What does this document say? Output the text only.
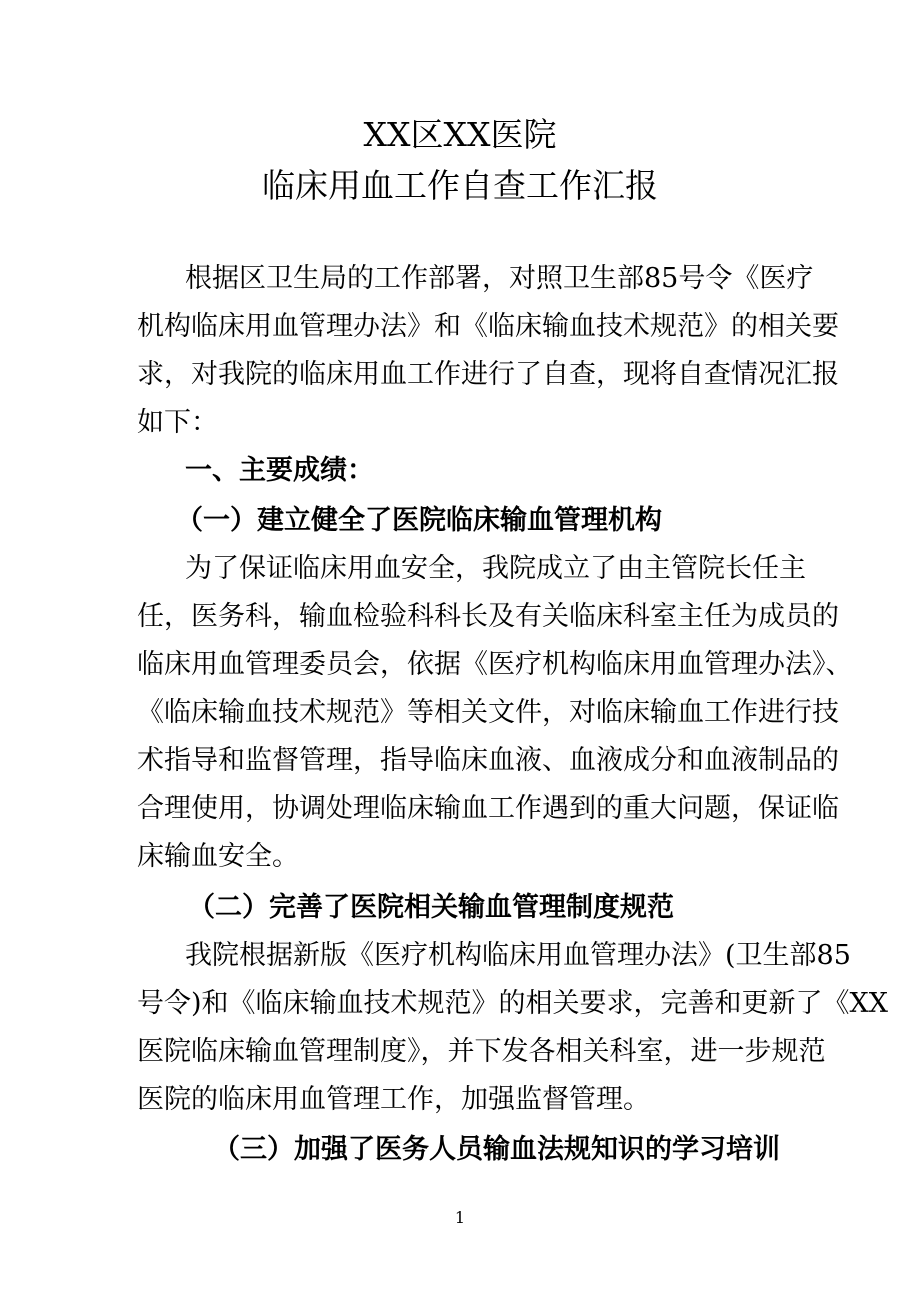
XX区XX医院
临床用血工作自查工作汇报
根据区卫生局的工作部署，对照卫生部85号令《医疗
机构临床用血管理办法》和《临床输血技术规范》的相关要
求，对我院的临床用血工作进行了自查，现将自查情况汇报
如下：
一、主要成绩：
（一）建立健全了医院临床输血管理机构
为了保证临床用血安全，我院成立了由主管院长任主
任，医务科，输血检验科科长及有关临床科室主任为成员的
临床用血管理委员会，依据《医疗机构临床用血管理办法》、
《临床输血技术规范》等相关文件，对临床输血工作进行技
术指导和监督管理，指导临床血液、血液成分和血液制品的
合理使用，协调处理临床输血工作遇到的重大问题，保证临
床输血安全。
（二）完善了医院相关输血管理制度规范
我院根据新版《医疗机构临床用血管理办法》(卫生部85
号令)和《临床输血技术规范》的相关要求，完善和更新了《XX
医院临床输血管理制度》，并下发各相关科室，进一步规范
医院的临床用血管理工作，加强监督管理。
（三）加强了医务人员输血法规知识的学习培训
1
